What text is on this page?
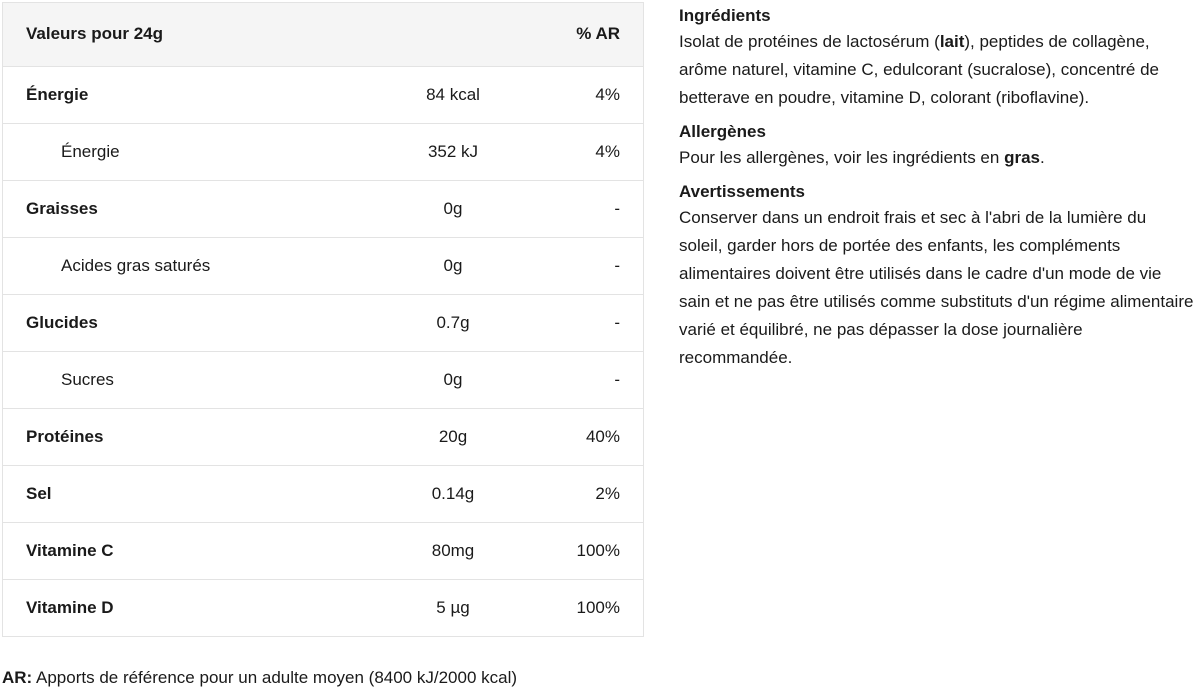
Valeurs pour 24g		% AR
Énergie	84 kcal	4%
Énergie	352 kJ	4%
Graisses	0g	-
Acides gras saturés	0g	-
Glucides	0.7g	-
Sucres	0g	-
Protéines	20g	40%
Sel	0.14g	2%
Vitamine C	80mg	100%
Vitamine D	5 µg	100%
AR: Apports de référence pour un adulte moyen (8400 kJ/2000 kcal)
Ingrédients

Isolat de protéines de lactosérum (lait), peptides de collagène, arôme naturel, vitamine C, edulcorant (sucralose), concentré de betterave en poudre, vitamine D, colorant (riboflavine).

Allergènes

Pour les allergènes, voir les ingrédients en gras.

Avertissements

Conserver dans un endroit frais et sec à l'abri de la lumière du soleil, garder hors de portée des enfants, les compléments alimentaires doivent être utilisés dans le cadre d'un mode de vie sain et ne pas être utilisés comme substituts d'un régime alimentaire varié et équilibré, ne pas dépasser la dose journalière recommandée.
